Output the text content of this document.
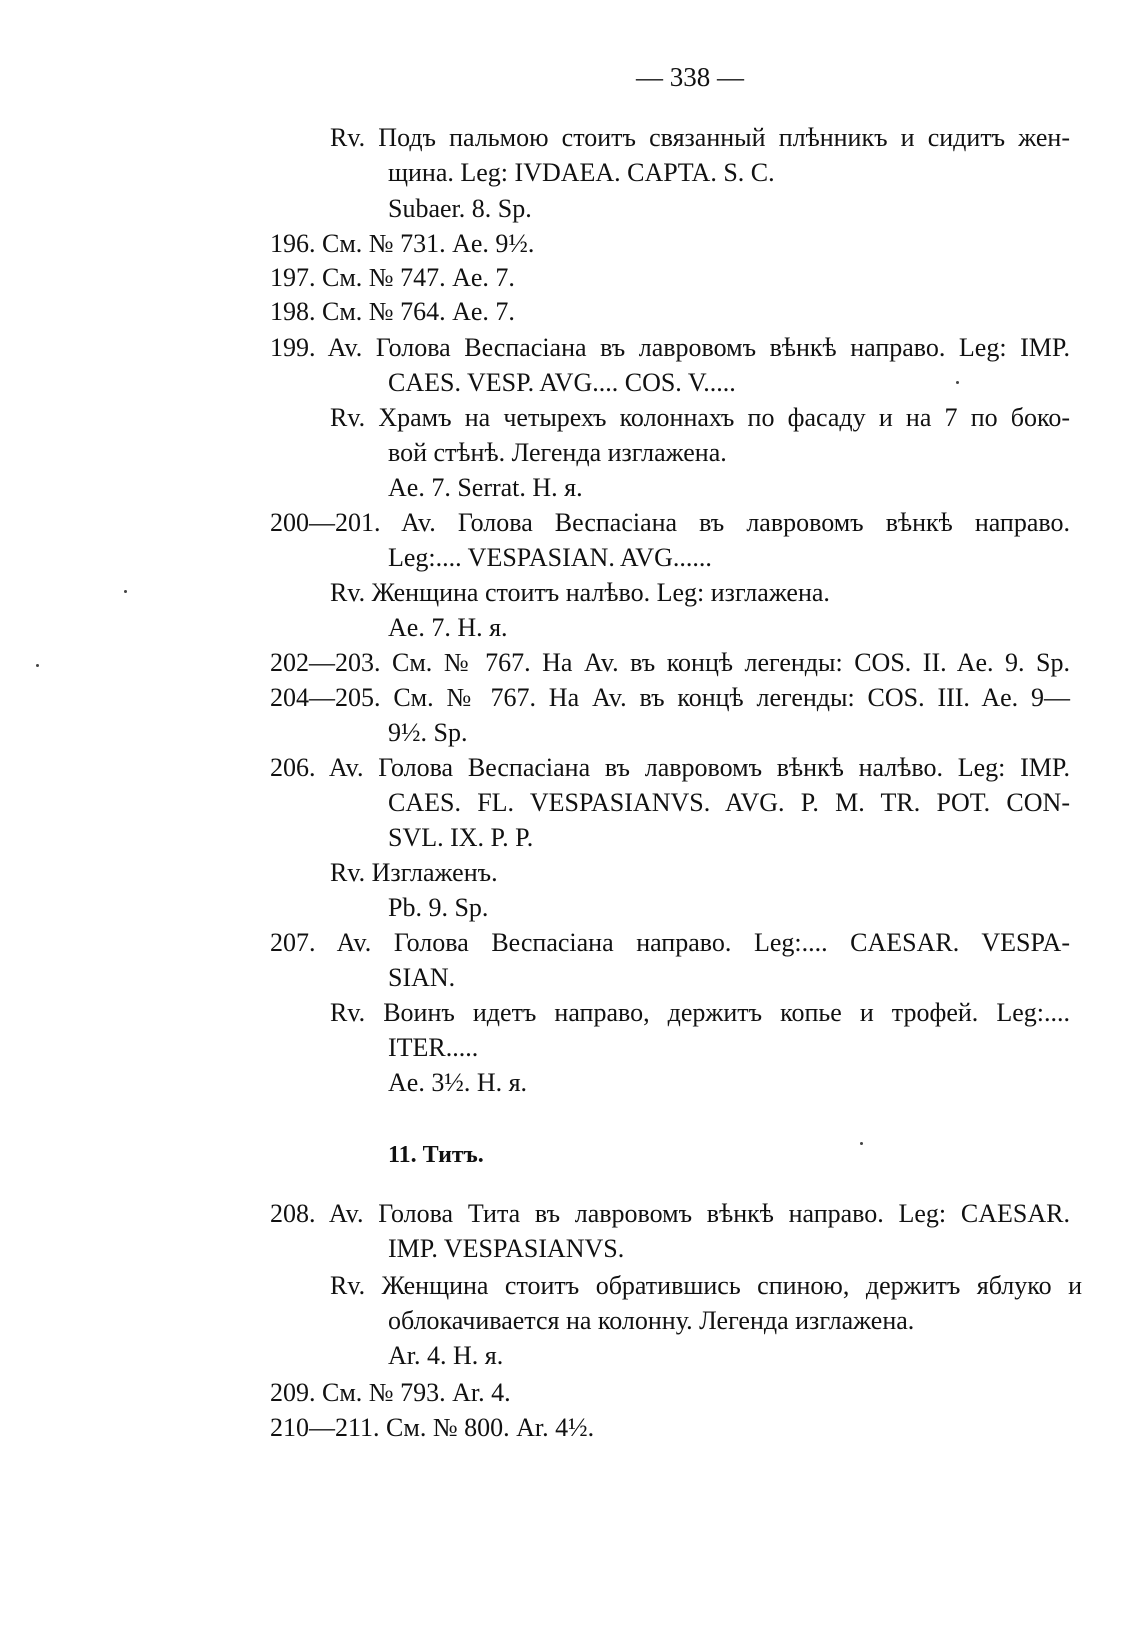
— 338 —
Rv. Подъ пальмою стоитъ связанный плѣнникъ и сидитъ жен-
щина. Leg: IVDAEA. CAPTA. S. C.
Subaer. 8. Sp.
196. См. № 731. Ae. 9½.
197. См. № 747. Ae. 7.
198. См. № 764. Ae. 7.
199. Av. Голова Веспасіана въ лавровомъ вѣнкѣ направо. Leg: IMP.
CAES. VESP. AVG.... COS. V.....
Rv. Храмъ на четырехъ колоннахъ по фасаду и на 7 по боко-
вой стѣнѣ. Легенда изглажена.
Ae. 7. Serrat. H. я.
200—201. Av. Голова Веспасіана въ лавровомъ вѣнкѣ направо.
Leg:.... VESPASIAN. AVG......
Rv. Женщина стоитъ налѣво. Leg: изглажена.
Ae. 7. H. я.
202—203. См. № 767. На Av. въ концѣ легенды: COS. II. Ae. 9. Sp.
204—205. См. № 767. На Av. въ концѣ легенды: COS. III. Ae. 9—
9½. Sp.
206. Av. Голова Веспасіана въ лавровомъ вѣнкѣ налѣво. Leg: IMP.
CAES. FL. VESPASIANVS. AVG. P. M. TR. POT. CON-
SVL. IX. P. P.
Rv. Изглаженъ.
Pb. 9. Sp.
207. Av. Голова Веспасіана направо. Leg:.... CAESAR. VESPA-
SIAN.
Rv. Воинъ идетъ направо, держитъ копье и трофей. Leg:....
ITER.....
Ae. 3½. H. я.
11. Титъ.
208. Av. Голова Тита въ лавровомъ вѣнкѣ направо. Leg: CAESAR.
IMP. VESPASIANVS.
Rv. Женщина стоитъ обратившись спиною, держитъ яблуко и
облокачивается на колонну. Легенда изглажена.
Ar. 4. H. я.
209. См. № 793. Ar. 4.
210—211. См. № 800. Ar. 4½.
